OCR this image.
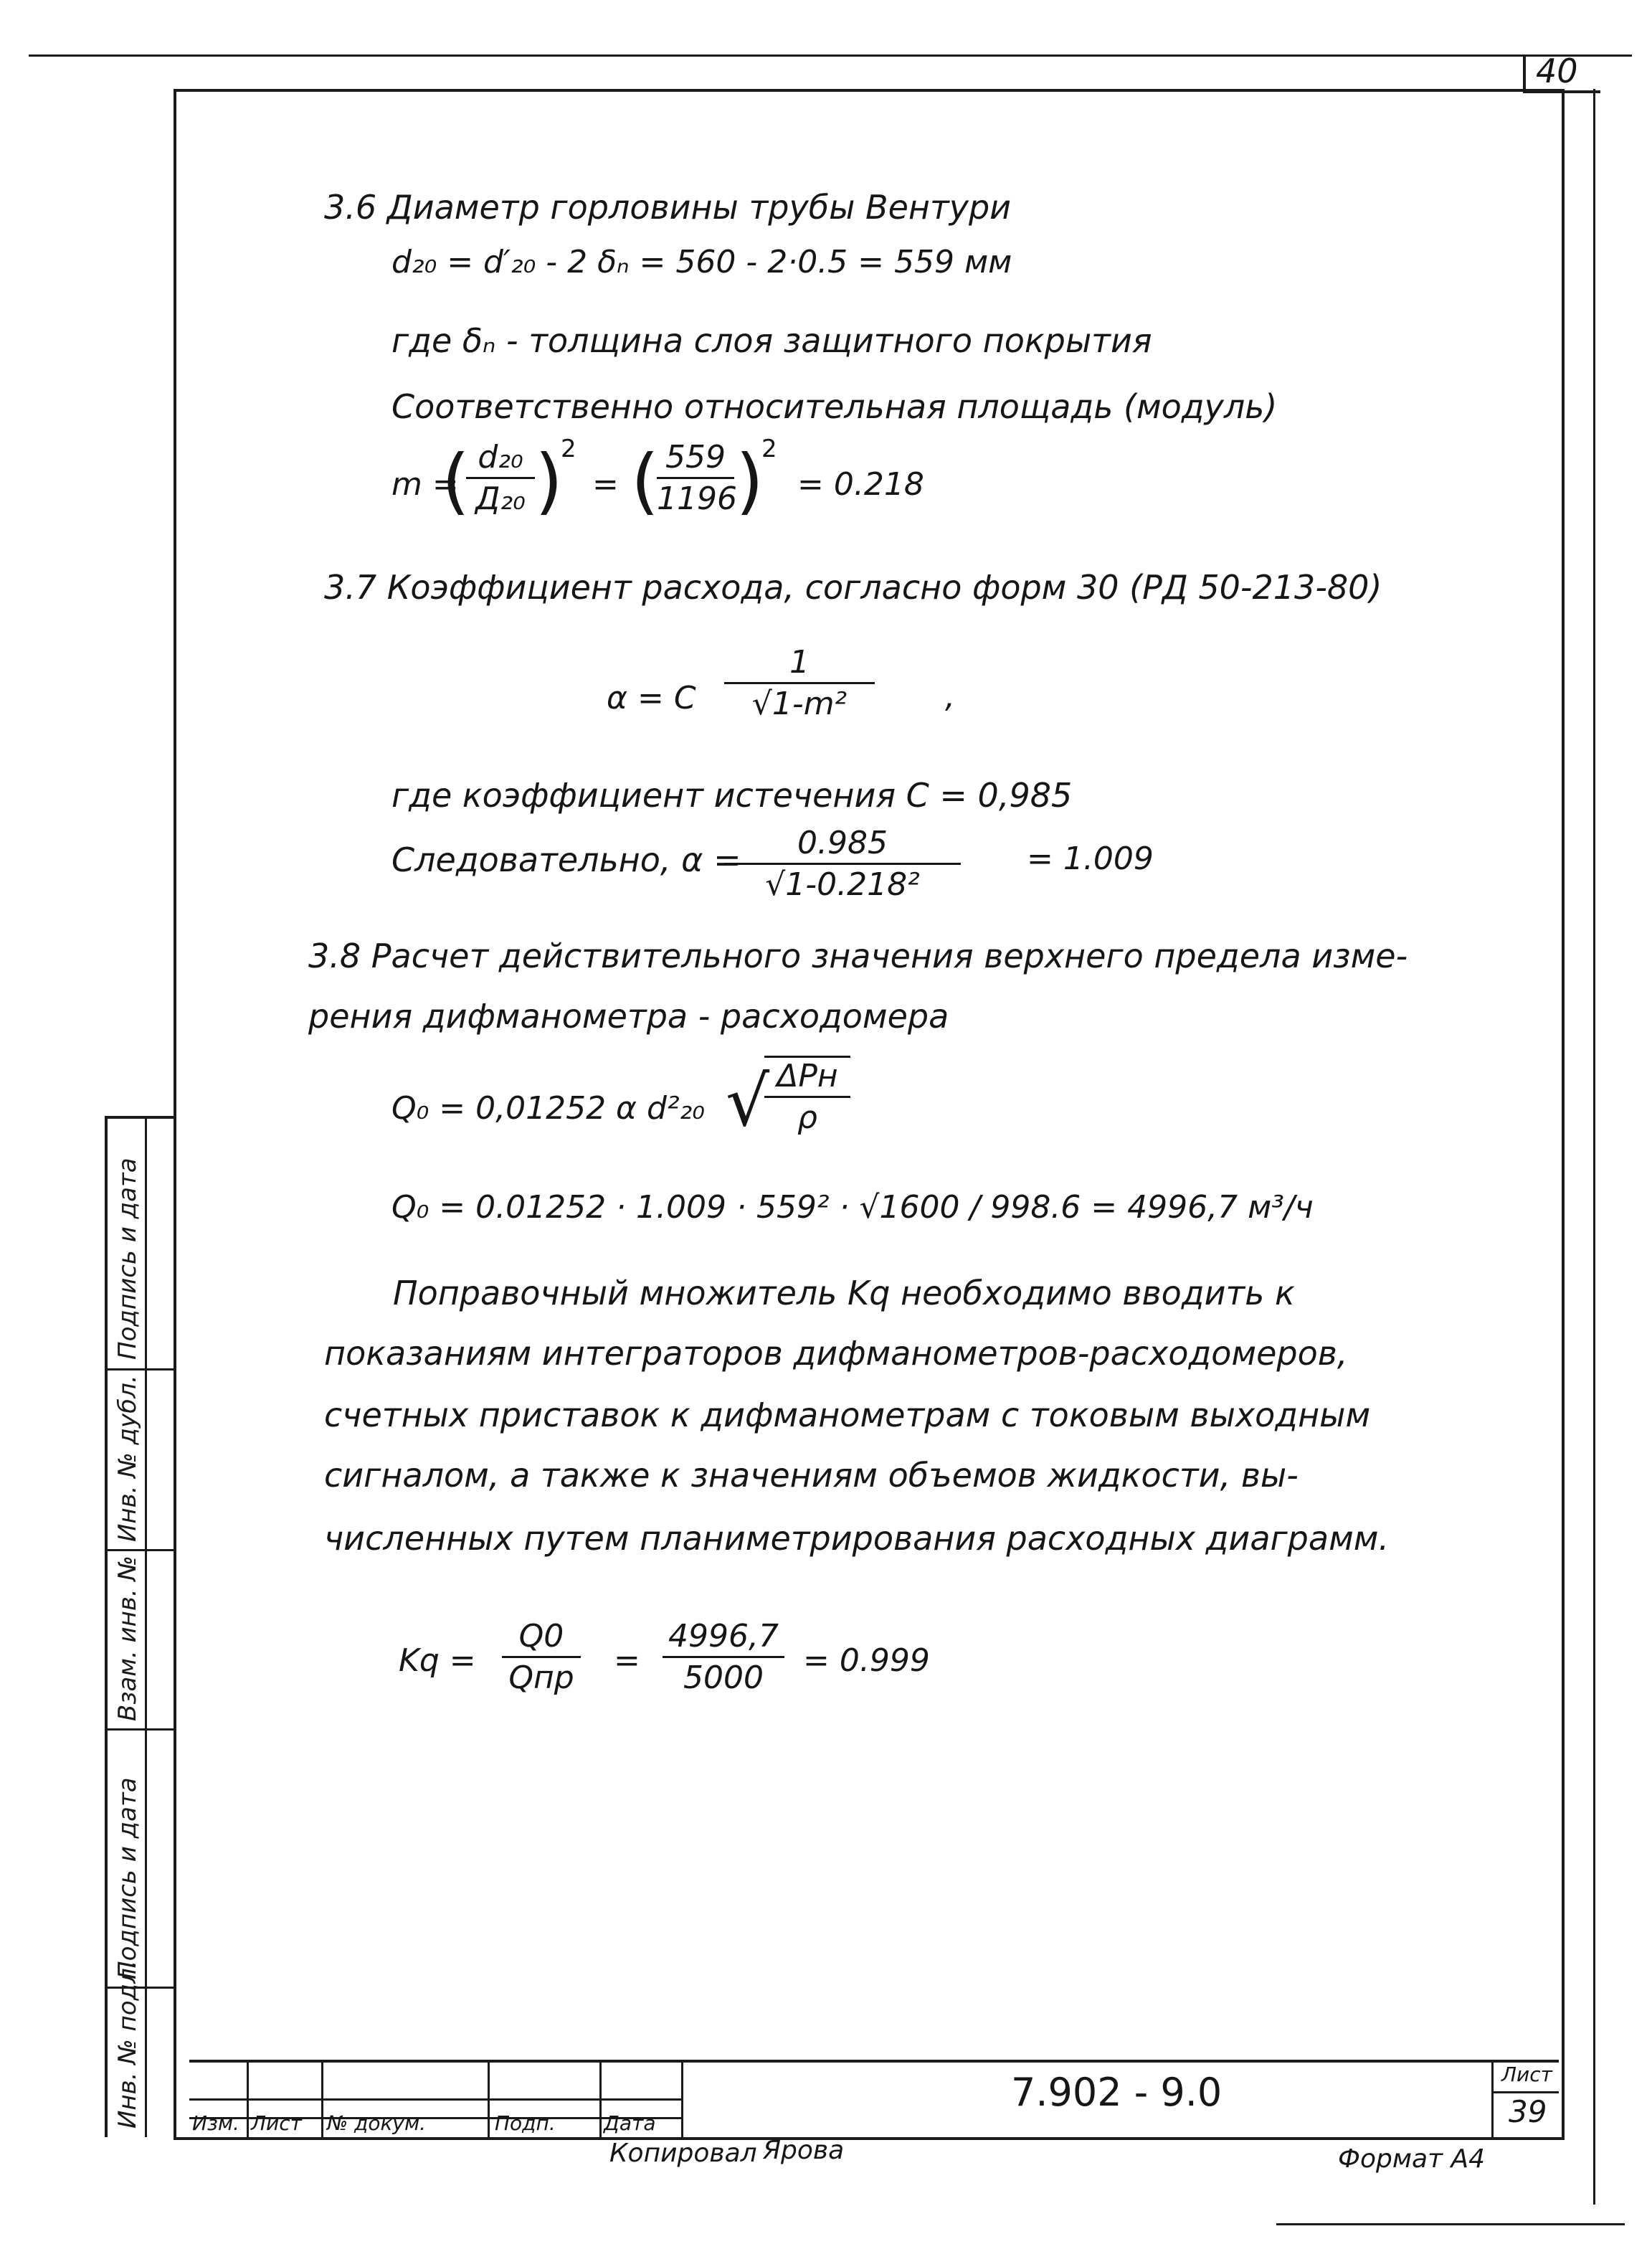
40
Подпись и дата
Инв. № дубл.
Взам. инв. №
Подпись и дата
Инв. № подл.
3.6 Диаметр горловины трубы Вентури
d₂₀ = d′₂₀ - 2 δₙ = 560 - 2·0.5 = 559 мм
где δₙ - толщина слоя защитного покрытия
Соответственно относительная площадь (модуль)
m =
( d₂₀
Д₂₀ )
2
= (
$\frac{559}{1196}$ )
2
= 0.218
3.7 Коэффициент расхода, согласно форм 30 (РД 50-213-80)
α = C $\frac{1}{\text{√1-m²}}$ ,
где коэффициент истечения C = 0,985
Следовательно, α =
$\frac{0.985}{\text{√1-0.218²}} = 1.009$
3.8 Расчет действительного значения верхнего предела изме-
рения дифманометра - расходомера
Q₀ = 0,01252 α d²₂₀ √ ΔPн
ρ
Q₀ = 0.01252 · 1.009 · 559² · √1600 / 998.6 = 4996,7 м³/ч
Поправочный множитель Kq необходимо вводить к
показаниям интеграторов дифманометров-расходомеров,
счетных приставок к дифманометрам с токовым выходным
сигналом, а также к значениям объемов жидкости, вы-
численных путем планиметрирования расходных диаграмм.
Kq =
Q0
Qпр = $\frac{4996,7}{5000} = 0.999$
Изм. Лист № докум.	Подп. Дата
7.902 - 9.0	Лист
39
Копировал Ярова	Формат А4
